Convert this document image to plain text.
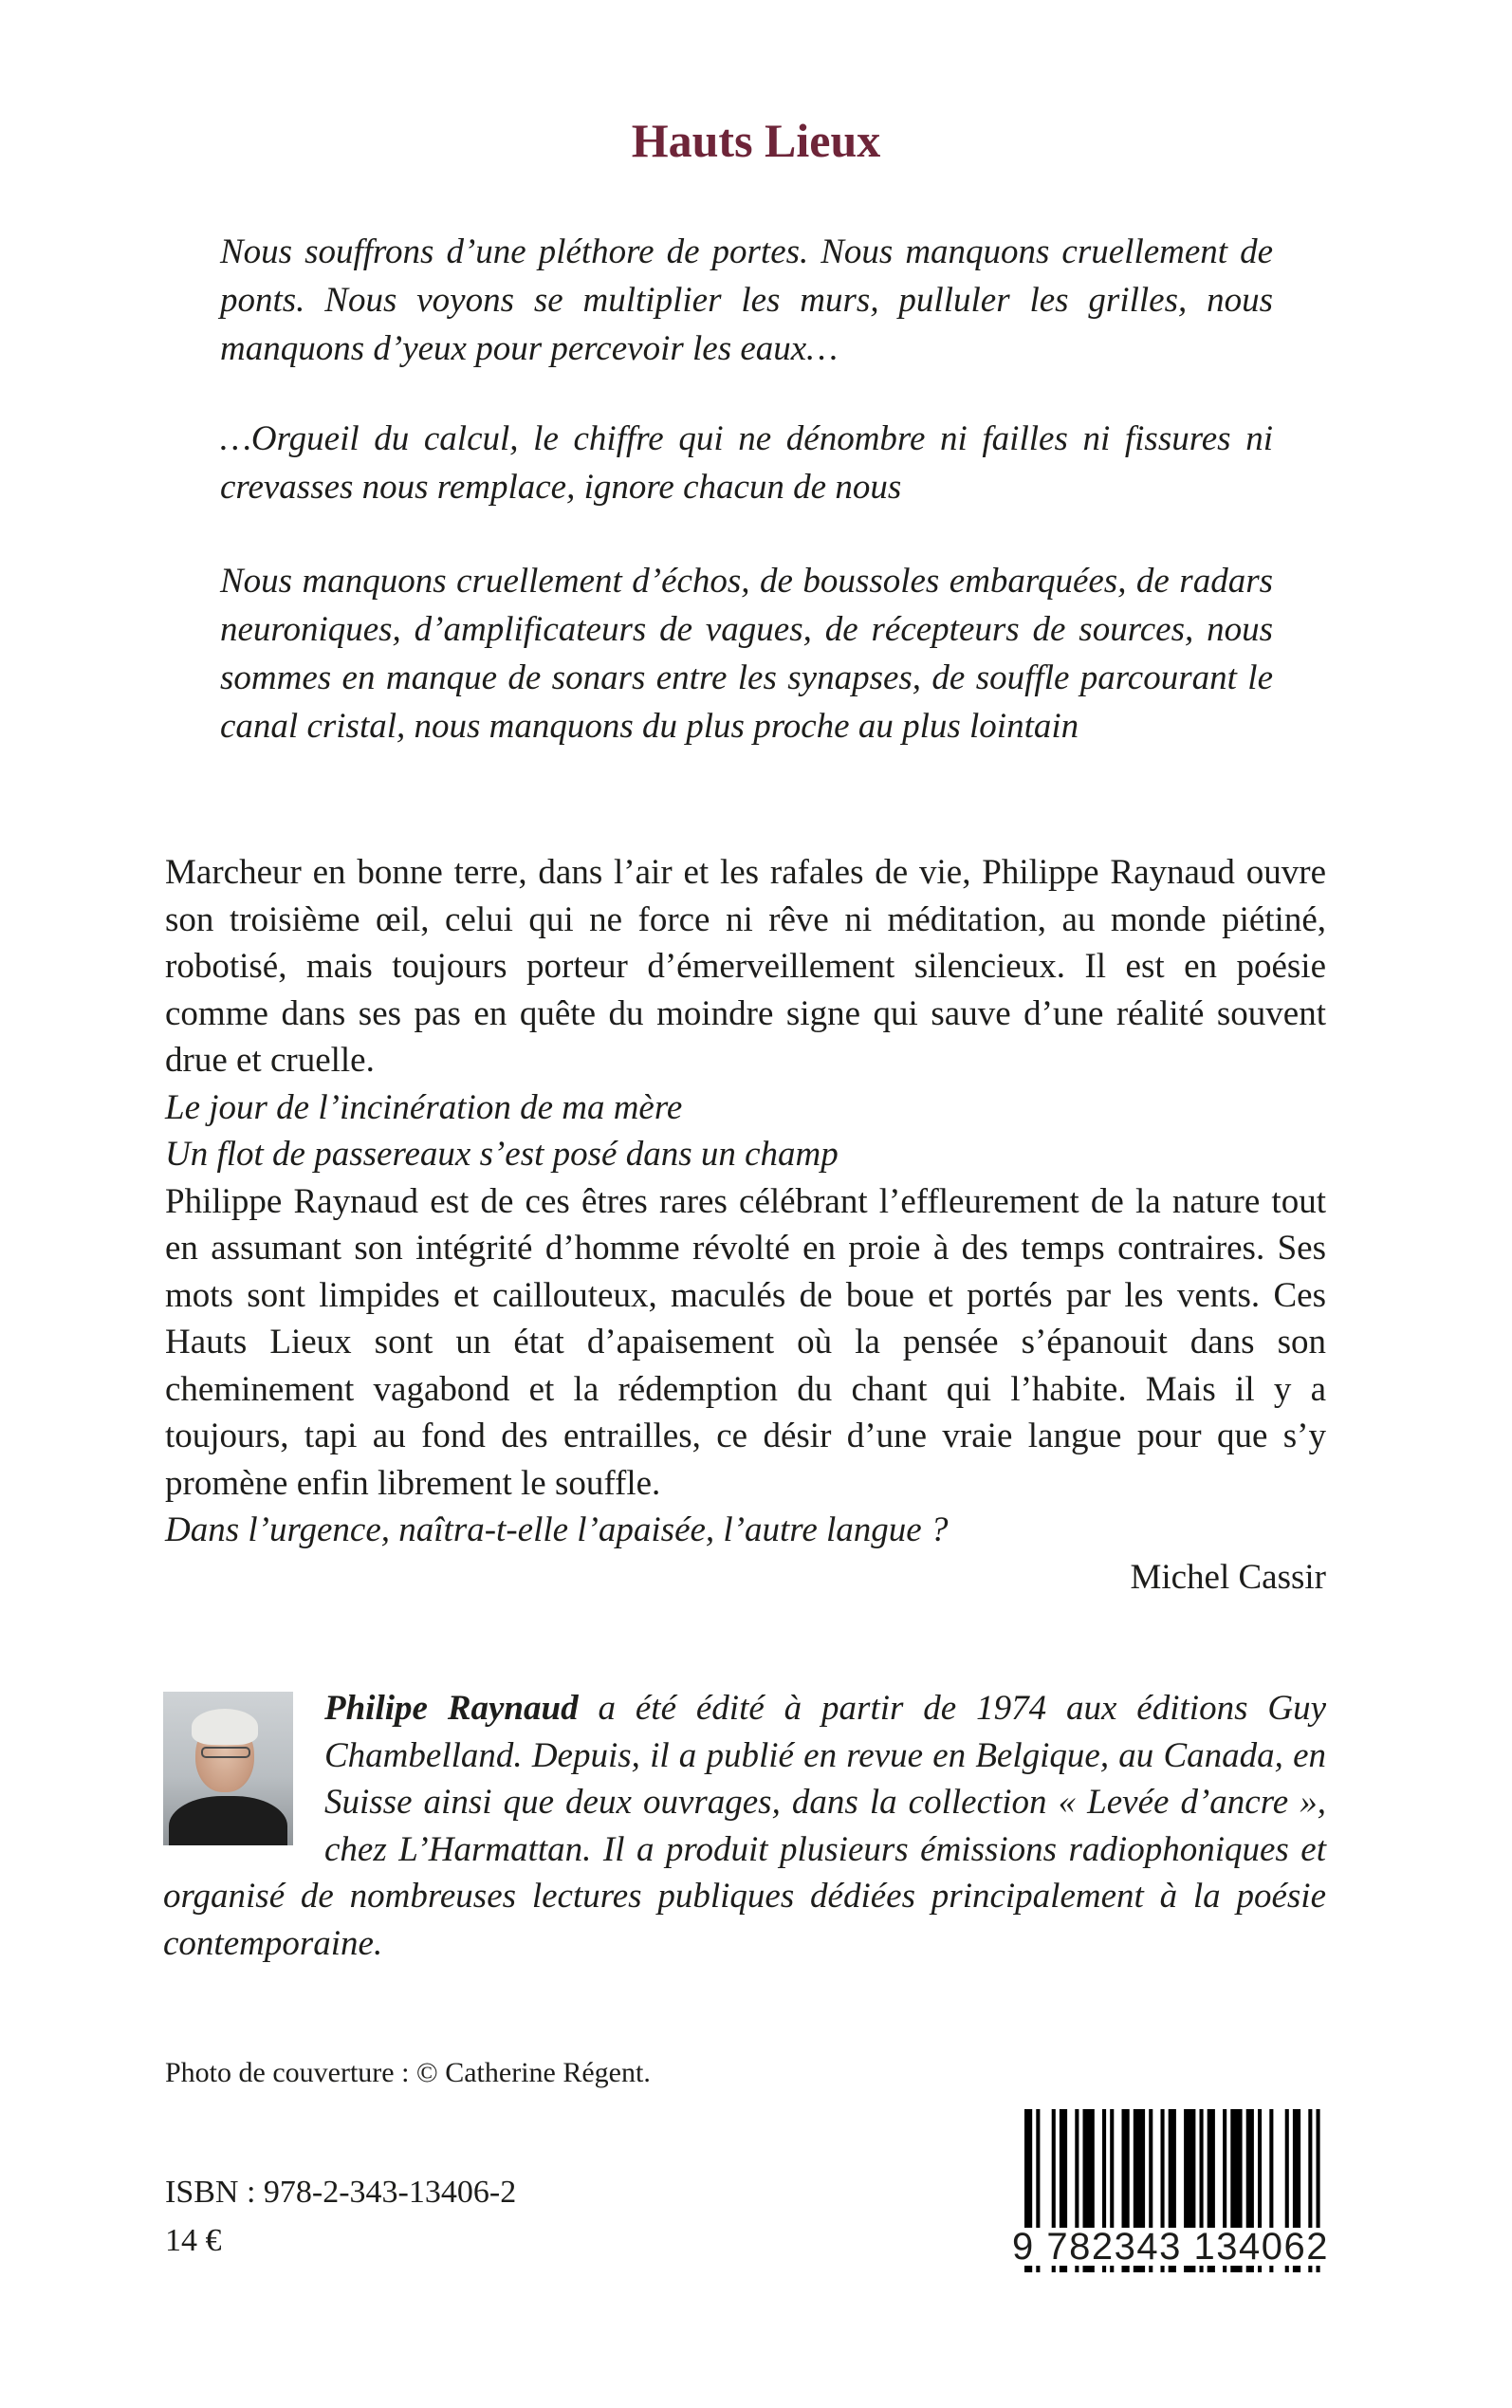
Hauts Lieux

Nous souffrons d’une pléthore de portes. Nous manquons cruellement de ponts. Nous voyons se multiplier les murs, pulluler les grilles, nous manquons d’yeux pour percevoir les eaux…

…Orgueil du calcul, le chiffre qui ne dénombre ni failles ni fissures ni crevasses nous remplace, ignore chacun de nous

Nous manquons cruellement d’échos, de boussoles embarquées, de radars neuroniques, d’amplificateurs de vagues, de récepteurs de sources, nous sommes en manque de sonars entre les synapses, de souffle parcourant le canal cristal, nous manquons du plus proche au plus lointain

Marcheur en bonne terre, dans l’air et les rafales de vie, Philippe Raynaud ouvre son troisième œil, celui qui ne force ni rêve ni méditation, au monde piétiné, robotisé, mais toujours porteur d’émerveillement silencieux. Il est en poésie comme dans ses pas en quête du moindre signe qui sauve d’une réalité souvent drue et cruelle.

Le jour de l’incinération de ma mère

Un flot de passereaux s’est posé dans un champ

Philippe Raynaud est de ces êtres rares célébrant l’effleurement de la nature tout en assumant son intégrité d’homme révolté en proie à des temps contraires. Ses mots sont limpides et caillouteux, maculés de boue et portés par les vents. Ces Hauts Lieux sont un état d’apaisement où la pensée s’épanouit dans son cheminement vagabond et la rédemption du chant qui l’habite. Mais il y a toujours, tapi au fond des entrailles, ce désir d’une vraie langue pour que s’y promène enfin librement le souffle.

Dans l’urgence, naîtra-t-elle l’apaisée, l’autre langue ?

Michel Cassir

Philipe Raynaud a été édité à partir de 1974 aux éditions Guy Chambelland. Depuis, il a publié en revue en Belgique, au Canada, en Suisse ainsi que deux ouvrages, dans la collection « Levée d’ancre », chez L’Harmattan. Il a produit plusieurs émissions radiophoniques et organisé de nombreuses lectures publiques dédiées principalement à la poésie contemporaine.

Photo de couverture : © Catherine Régent.

ISBN : 978-2-343-13406-2

14 €	9 782343 134062
